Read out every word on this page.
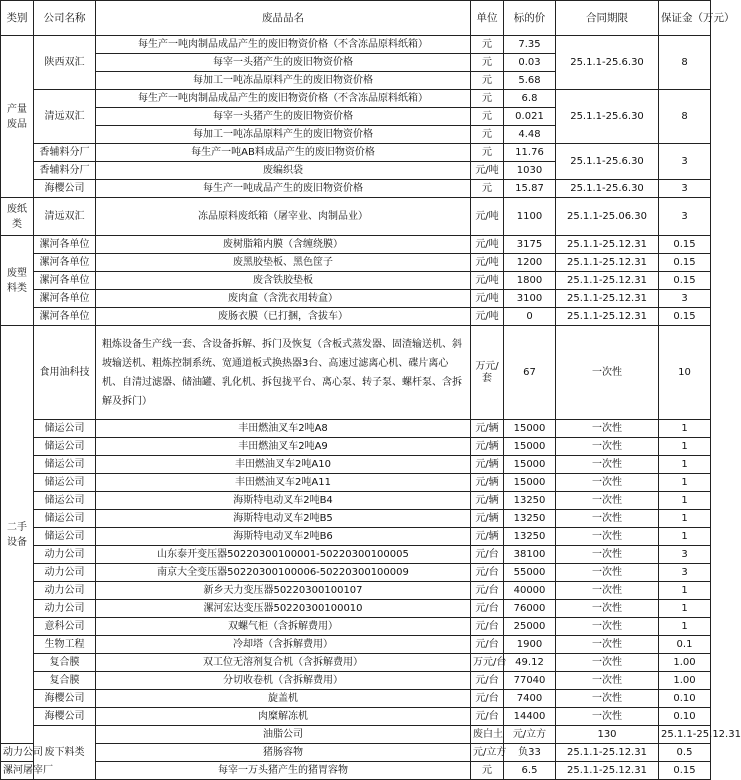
类别	公司名称	废品品名	单位	标的价	合同期限	保证金（万元）	
产量废品	陕西双汇	每生产一吨肉制品成品产生的废旧物资价格（不含冻品原料纸箱）	元	7.35	25.1.1-25.6.30	8	
		每宰一头猪产生的废旧物资价格	元	0.03			
		每加工一吨冻品原料产生的废旧物资价格	元	5.68			
	清远双汇	每生产一吨肉制品成品产生的废旧物资价格（不含冻品原料纸箱）	元	6.8	25.1.1-25.6.30	8	
		每宰一头猪产生的废旧物资价格	元	0.021			
		每加工一吨冻品原料产生的废旧物资价格	元	4.48			
	香辅料分厂	每生产一吨AB料成品产生的废旧物资价格	元	11.76	25.1.1-25.6.30	3	
	香辅料分厂	废编织袋	元/吨	1030			
	海樱公司	每生产一吨成品产生的废旧物资价格	元	15.87	25.1.1-25.6.30	3	
废纸类	清远双汇	冻品原料废纸箱（屠宰业、肉制品业）	元/吨	1100	25.1.1-25.06.30	3	
废塑料类	漯河各单位	废树脂箱内膜（含缠绕膜）	元/吨	3175	25.1.1-25.12.31	0.15	
	漯河各单位	废黑胶垫板、黑色筐子	元/吨	1200	25.1.1-25.12.31	0.15	
	漯河各单位	废含铁胶垫板	元/吨	1800	25.1.1-25.12.31	0.15	
	漯河各单位	废肉盒（含洗衣用转盒）	元/吨	3100	25.1.1-25.12.31	3	
	漯河各单位	废肠衣膜（已打捆，含拔车）	元/吨	0	25.1.1-25.12.31	0.15	
二手设备	食用油科技	粗炼设备生产线一套、含设备拆解、拆门及恢复（含板式蒸发器、固渣输送机、斜坡输送机、粗炼控制系统、宽通道板式换热器3台、高速过滤离心机、碟片离心机、自清过滤器、储油罐、乳化机、拆包拢平台、离心泵、转子泵、螺杆泵、含拆解及拆门）	万元/套	67	一次性	10	
	储运公司	丰田燃油叉车2吨A8	元/辆	15000	一次性	1	
	储运公司	丰田燃油叉车2吨A9	元/辆	15000	一次性	1	
	储运公司	丰田燃油叉车2吨A10	元/辆	15000	一次性	1	
	储运公司	丰田燃油叉车2吨A11	元/辆	15000	一次性	1	
	储运公司	海斯特电动叉车2吨B4	元/辆	13250	一次性	1	
	储运公司	海斯特电动叉车2吨B5	元/辆	13250	一次性	1	
	储运公司	海斯特电动叉车2吨B6	元/辆	13250	一次性	1	
	动力公司	山东泰开变压器50220300100001-50220300100005	元/台	38100	一次性	3	
	动力公司	南京大全变压器50220300100006-50220300100009	元/台	55000	一次性	3	
	动力公司	新乡天力变压器50220300100107	元/台	40000	一次性	1	
	动力公司	漯河宏达变压器50220300100010	元/台	76000	一次性	1	
	意科公司	双螺气柜（含拆解费用）	元/台	25000	一次性	1	
	生物工程	冷却塔（含拆解费用）	元/台	1900	一次性	0.1	
	复合膜	双工位无溶剂复合机（含拆解费用）	万元/台	49.12	一次性	1.00	
	复合膜	分切收卷机（含拆解费用）	元/台	77040	一次性	1.00	
	海樱公司	旋盖机	元/台	7400	一次性	0.10	
	海樱公司	肉糜解冻机	元/台	14400	一次性	0.10	
	废下料类	油脂公司	废白土	元/立方	130	25.1.1-25.12.31	
动力公司		猪肠容物	元/立方	负33	25.1.1-25.12.31	0.5	
漯河屠宰厂		每宰一万头猪产生的猪胃容物	元	6.5	25.1.1-25.12.31	0.15	
